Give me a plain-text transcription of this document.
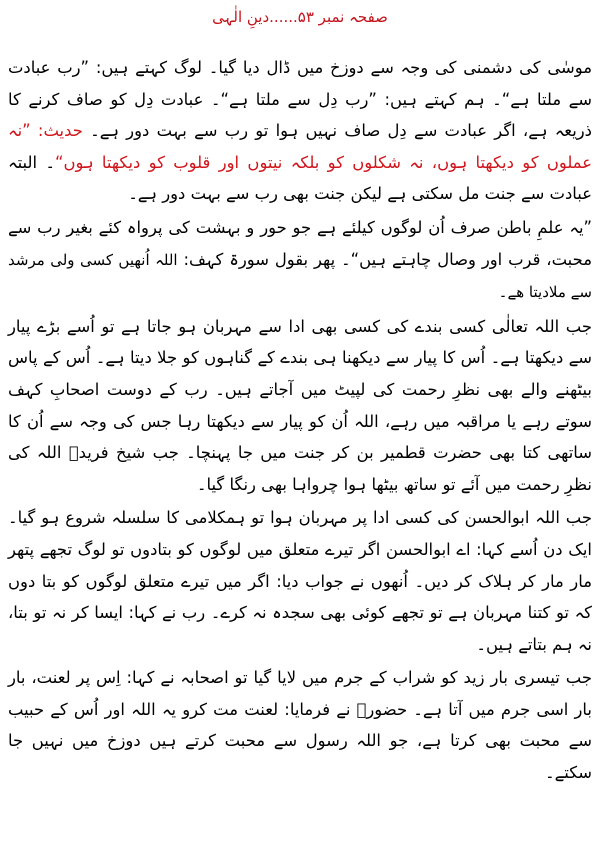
صفحہ نمبر ۵۳......دینِ الٰہی

موسٰی کی دشمنی کی وجہ سے دوزخ میں ڈال دیا گیا۔ لوگ کہتے ہیں: ”رب عبادت سے ملتا ہے“۔ ہم کہتے ہیں: ”رب دِل سے ملتا ہے“۔ عبادت دِل کو صاف کرنے کا ذریعہ ہے، اگر عبادت سے دِل صاف نہیں ہوا تو رب سے بہت دور ہے۔ حدیث: ”نہ عملوں کو دیکھتا ہوں، نہ شکلوں کو بلکہ نیتوں اور قلوب کو دیکھتا ہوں“۔ البتہ عبادت سے جنت مل سکتی ہے لیکن جنت بھی رب سے بہت دور ہے۔

”یہ علمِ باطن صرف اُن لوگوں کیلئے ہے جو حور و بہشت کی پرواہ کئے بغیر رب سے محبت، قرب اور وصال چاہتے ہیں“۔ پھر بقول سورۃ کہف: اللہ اُنھیں کسی ولی مرشد سے ملادیتا ھے۔

جب اللہ تعالٰی کسی بندے کی کسی بھی ادا سے مہربان ہو جاتا ہے تو اُسے بڑے پیار سے دیکھتا ہے۔ اُس کا پیار سے دیکھنا ہی بندے کے گناہوں کو جلا دیتا ہے۔ اُس کے پاس بیٹھنے والے بھی نظرِ رحمت کی لپیٹ میں آجاتے ہیں۔ رب کے دوست اصحابِ کہف سوتے رہے یا مراقبہ میں رہے، اللہ اُن کو پیار سے دیکھتا رہا جس کی وجہ سے اُن کا ساتھی کتا بھی حضرت قطمیر بن کر جنت میں جا پہنچا۔ جب شیخ فریدؒ اللہ کی نظرِ رحمت میں آئے تو ساتھ بیٹھا ہوا چرواہا بھی رنگا گیا۔

جب اللہ ابوالحسن کی کسی ادا پر مہربان ہوا تو ہمکلامی کا سلسلہ شروع ہو گیا۔ ایک دن اُسے کہا: اے ابوالحسن اگر تیرے متعلق میں لوگوں کو بتادوں تو لوگ تجھے پتھر مار مار کر ہلاک کر دیں۔ اُنھوں نے جواب دیا: اگر میں تیرے متعلق لوگوں کو بتا دوں کہ تو کتنا مہربان ہے تو تجھے کوئی بھی سجدہ نہ کرے۔ رب نے کہا: ایسا کر نہ تو بتا، نہ ہم بتاتے ہیں۔

جب تیسری بار زید کو شراب کے جرم میں لایا گیا تو اصحابہ نے کہا: اِس پر لعنت، بار بار اسی جرم میں آتا ہے۔ حضورؐ نے فرمایا: لعنت مت کرو یہ اللہ اور اُس کے حبیب سے محبت بھی کرتا ہے، جو اللہ رسول سے محبت کرتے ہیں دوزخ میں نہیں جا سکتے۔
